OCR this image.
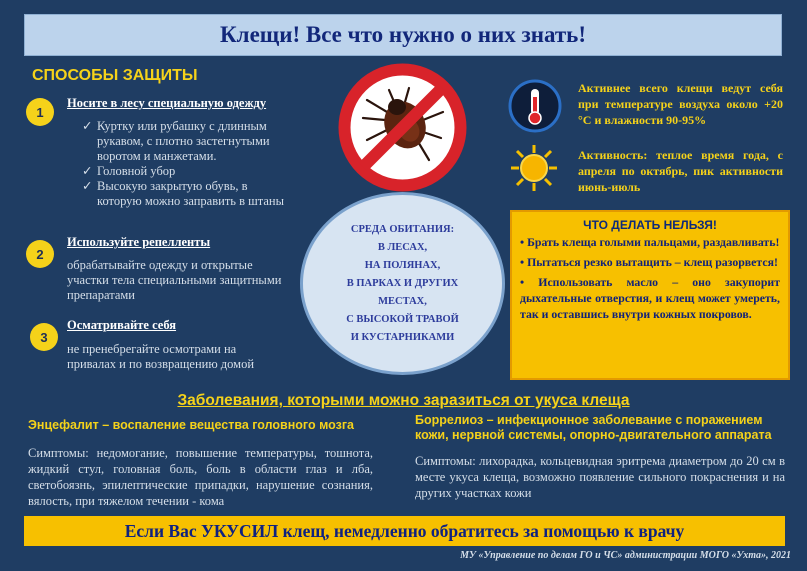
Клещи! Все что нужно о них знать!
СПОСОБЫ ЗАЩИТЫ
1
Носите в лесу специальную одежду
✓ Куртку или рубашку с длинным рукавом, с плотно застегнутыми воротом и манжетами.
✓ Головной убор
✓ Высокую закрытую обувь, в которую можно заправить в штаны
2
Используйте репелленты
обрабатывайте одежду и открытые участки тела специальными защитными препаратами
3
Осматривайте себя
не пренебрегайте осмотрами на привалах и по возвращению домой
Активнее всего клещи ведут себя при температуре воздуха около +20 °С и влажности 90-95%
Активность: теплое время года, с апреля по октябрь, пик активности июнь-июль
СРЕДА ОБИТАНИЯ:
В ЛЕСАХ,
НА ПОЛЯНАХ,
В ПАРКАХ И ДРУГИХ
МЕСТАХ,
С ВЫСОКОЙ ТРАВОЙ
И КУСТАРНИКАМИ
ЧТО ДЕЛАТЬ НЕЛЬЗЯ!

• Брать клеща голыми пальцами, раздавливать!

• Пытаться резко вытащить – клещ разорвется!

• Использовать масло – оно закупорит дыхательные отверстия, и клещ может умереть, так и оставшись внутри кожных покровов.

Заболевания, которыми можно заразиться от укуса клеща
Энцефалит – воспаление вещества головного мозга
Симптомы: недомогание, повышение температуры, тошнота, жидкий стул, головная боль, боль в области глаз и лба, светобоязнь, эпилептические припадки, нарушение сознания, вялость, при тяжелом течении - кома
Боррелиоз – инфекционное заболевание с поражением кожи, нервной системы, опорно-двигательного аппарата
Симптомы: лихорадка, кольцевидная эритрема диаметром до 20 см в месте укуса клеща, возможно появление сильного покраснения и на других участках кожи
Если Вас УКУСИЛ клещ, немедленно обратитесь за помощью к врачу
МУ «Управление по делам ГО и ЧС» администрации МОГО «Ухта», 2021
